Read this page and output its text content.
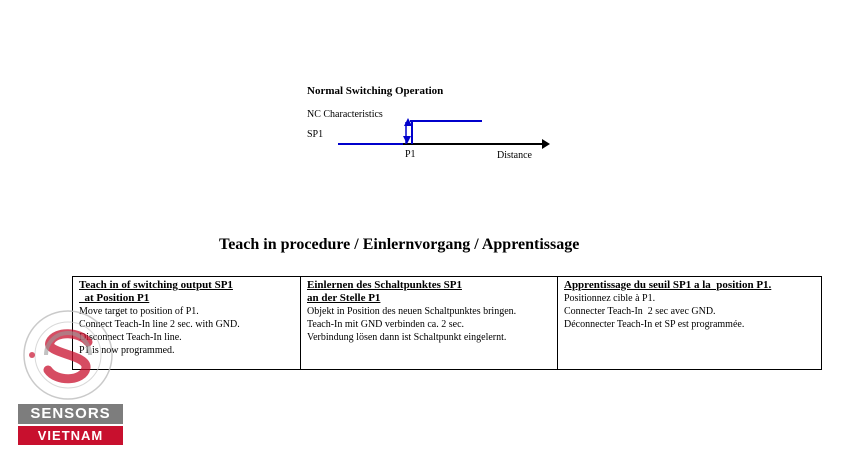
Normal Switching Operation
NC Characteristics
SP1
P1	Distance
Teach in procedure / Einlernvorgang / Apprentissage
Teach in of switching output SP1
at Position P1
Move target to position of P1.
Connect Teach-In line 2 sec. with GND.
Disconnect Teach-In line.
P1 is now programmed.
Einlernen des Schaltpunktes SP1
an der Stelle P1
Objekt in Position des neuen Schaltpunktes bringen.
Teach-In mit GND verbinden ca. 2 sec.
Verbindung lösen dann ist Schaltpunkt eingelernt.
Apprentissage du seuil SP1 a la  position P1.
Positionnez cible à P1.
Connecter Teach-In  2 sec avec GND.
Déconnecter Teach-In et SP est programmée.
SENSORS
VIETNAM
